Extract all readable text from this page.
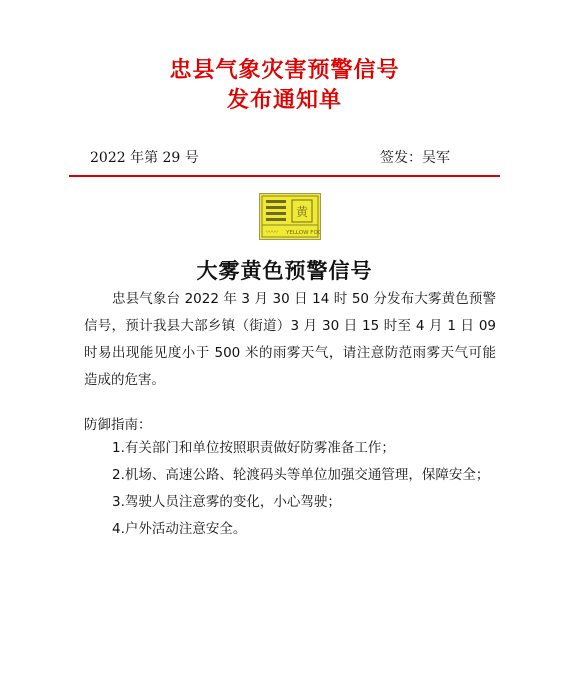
忠县气象灾害预警信号
发布通知单
2022 年第 29 号	签发：吴军
黄
〰〰 YELLOW FOG
大雾黄色预警信号
忠县气象台 2022 年 3 月 30 日 14 时 50 分发布大雾黄色预警信号，预计我县大部乡镇（街道）3 月 30 日 15 时至 4 月 1 日 09 时易出现能见度小于 500 米的雨雾天气，请注意防范雨雾天气可能造成的危害。
防御指南：
1.有关部门和单位按照职责做好防雾准备工作；
2.机场、高速公路、轮渡码头等单位加强交通管理，保障安全；
3.驾驶人员注意雾的变化，小心驾驶；
4.户外活动注意安全。
